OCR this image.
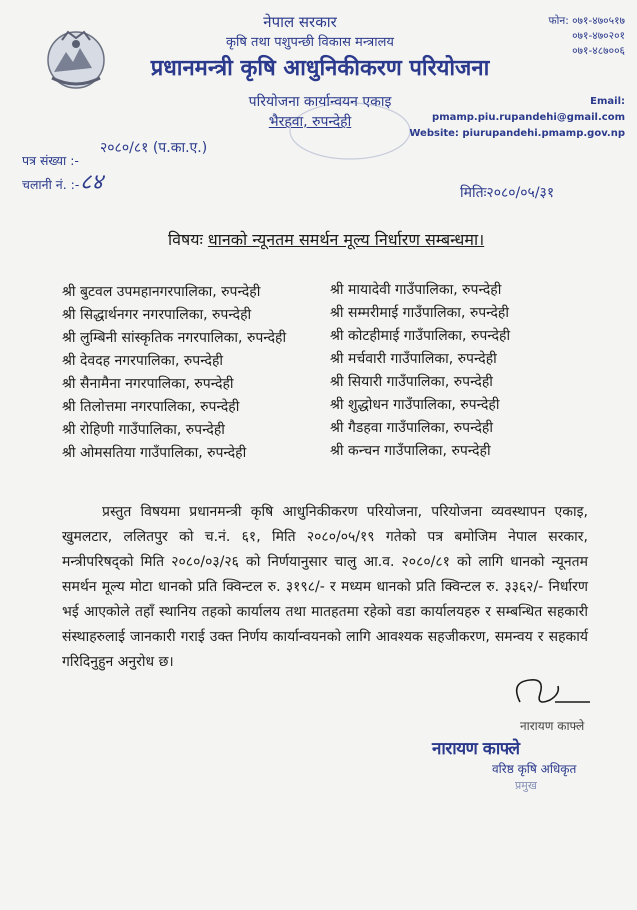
नेपाल सरकार
कृषि तथा पशुपन्छी विकास मन्त्रालय
प्रधानमन्त्री कृषि आधुनिकीकरण परियोजना
परियोजना कार्यान्वयन एकाइ
भैरहवा, रुपन्देही
फोन: ०७१-४७०५१७
०७१-४७०२०१
०७१-४८७००६
Email: pmamp.piu.rupandehi@gmail.com
Website: piurupandehi.pmamp.gov.np
२०८०/८१ (प.का.ए.)
पत्र संख्या :-
चलानी नं. :- ८४	मितिः२०८०/०५/३१
विषयः धानको न्यूनतम समर्थन मूल्य निर्धारण सम्बन्धमा।
श्री बुटवल उपमहानगरपालिका, रुपन्देही
श्री सिद्धार्थनगर नगरपालिका, रुपन्देही
श्री लुम्बिनी सांस्कृतिक नगरपालिका, रुपन्देही
श्री देवदह नगरपालिका, रुपन्देही
श्री सैनामैना नगरपालिका, रुपन्देही
श्री तिलोत्तमा नगरपालिका, रुपन्देही
श्री रोहिणी गाउँपालिका, रुपन्देही
श्री ओमसतिया गाउँपालिका, रुपन्देही
श्री मायादेवी गाउँपालिका, रुपन्देही
श्री सम्मरीमाई गाउँपालिका, रुपन्देही
श्री कोटहीमाई गाउँपालिका, रुपन्देही
श्री मर्चवारी गाउँपालिका, रुपन्देही
श्री सियारी गाउँपालिका, रुपन्देही
श्री शुद्धोधन गाउँपालिका, रुपन्देही
श्री गैडहवा गाउँपालिका, रुपन्देही
श्री कन्चन गाउँपालिका, रुपन्देही
प्रस्तुत विषयमा प्रधानमन्त्री कृषि आधुनिकीकरण परियोजना, परियोजना व्यवस्थापन एकाइ, खुमलटार, ललितपुर को च.नं. ६१, मिति २०८०/०५/१९ गतेको पत्र बमोजिम नेपाल सरकार, मन्त्रीपरिषद्को मिति २०८०/०३/२६ को निर्णयानुसार चालु आ.व. २०८०/८१ को लागि धानको न्यूनतम समर्थन मूल्य मोटा धानको प्रति क्विन्टल रु. ३१९८/- र मध्यम धानको प्रति क्विन्टल रु. ३३६२/- निर्धारण भई आएकोले तहाँ स्थानिय तहको कार्यालय तथा मातहतमा रहेको वडा कार्यालयहरु र सम्बन्धित सहकारी संस्थाहरुलाई जानकारी गराई उक्त निर्णय कार्यान्वयनको लागि आवश्यक सहजीकरण, समन्वय र सहकार्य गरिदिनुहुन अनुरोध छ।
नारायण काफ्ले
नारायण काफ्ले
वरिष्ठ कृषि अधिकृत
प्रमुख
